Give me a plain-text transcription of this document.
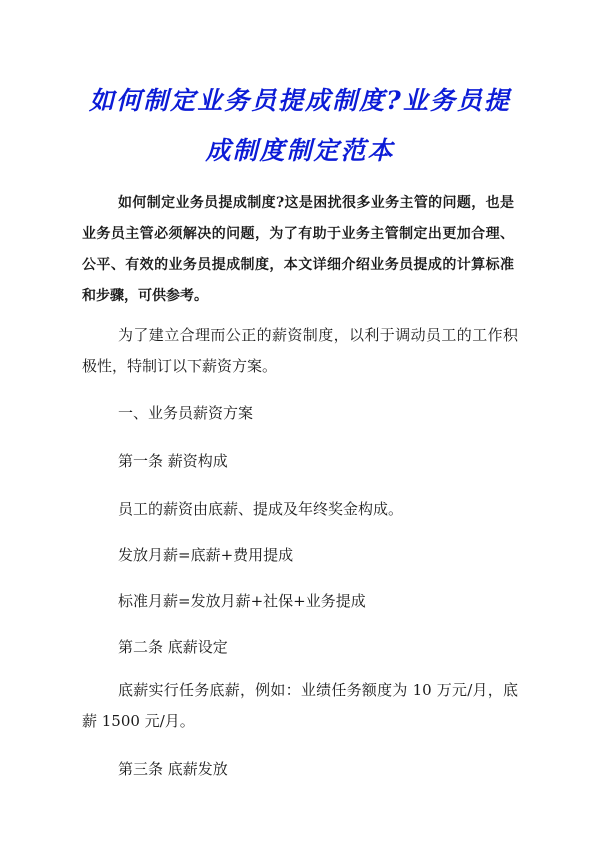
如何制定业务员提成制度?业务员提
成制度制定范本

如何制定业务员提成制度?这是困扰很多业务主管的问题，也是业务员主管必须解决的问题，为了有助于业务主管制定出更加合理、公平、有效的业务员提成制度，本文详细介绍业务员提成的计算标准和步骤，可供参考。

为了建立合理而公正的薪资制度，以利于调动员工的工作积极性，特制订以下薪资方案。

一、业务员薪资方案

第一条 薪资构成

员工的薪资由底薪、提成及年终奖金构成。

发放月薪=底薪+费用提成

标准月薪=发放月薪+社保+业务提成

第二条 底薪设定

底薪实行任务底薪，例如：业绩任务额度为 10 万元/月，底薪 1500 元/月。

第三条 底薪发放
